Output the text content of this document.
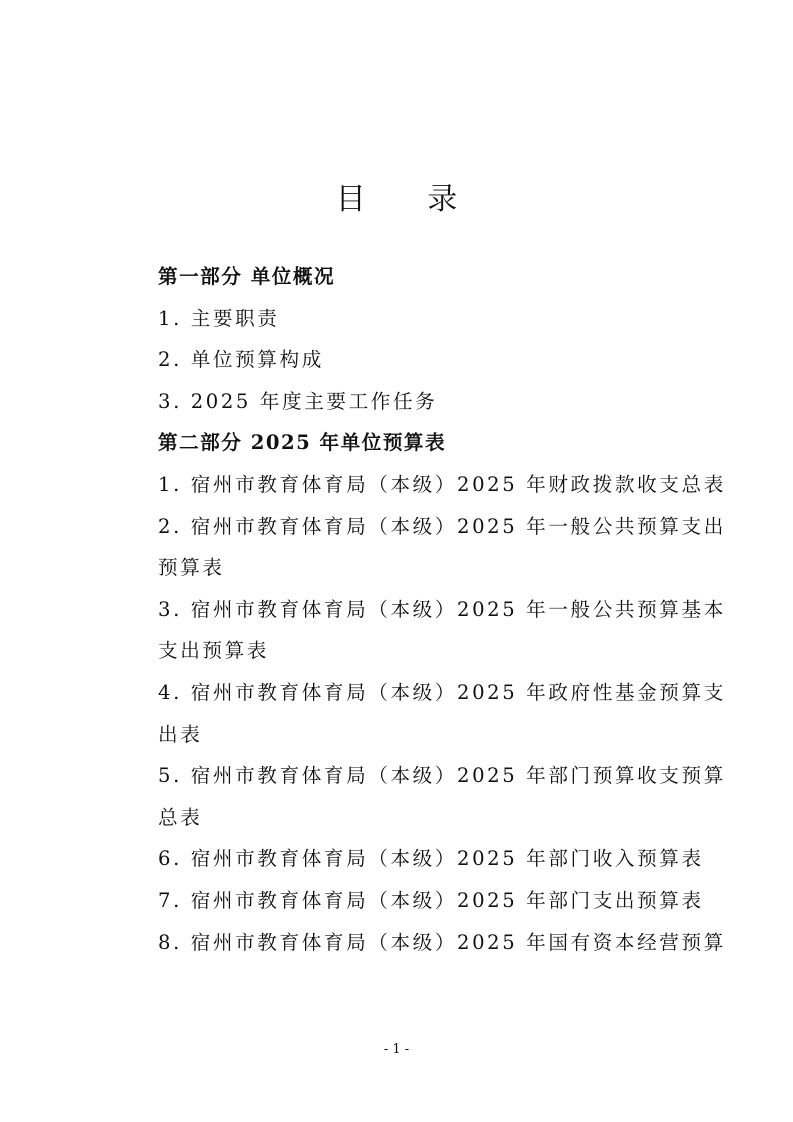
目 录
第一部分 单位概况
1. 主要职责
2. 单位预算构成
3. 2025 年度主要工作任务
第二部分 2025 年单位预算表
1. 宿州市教育体育局（本级）2025 年财政拨款收支总表
2. 宿州市教育体育局（本级）2025 年一般公共预算支出
预算表
3. 宿州市教育体育局（本级）2025 年一般公共预算基本
支出预算表
4. 宿州市教育体育局（本级）2025 年政府性基金预算支
出表
5. 宿州市教育体育局（本级）2025 年部门预算收支预算
总表
6. 宿州市教育体育局（本级）2025 年部门收入预算表
7. 宿州市教育体育局（本级）2025 年部门支出预算表
8. 宿州市教育体育局（本级）2025 年国有资本经营预算
- 1 -
